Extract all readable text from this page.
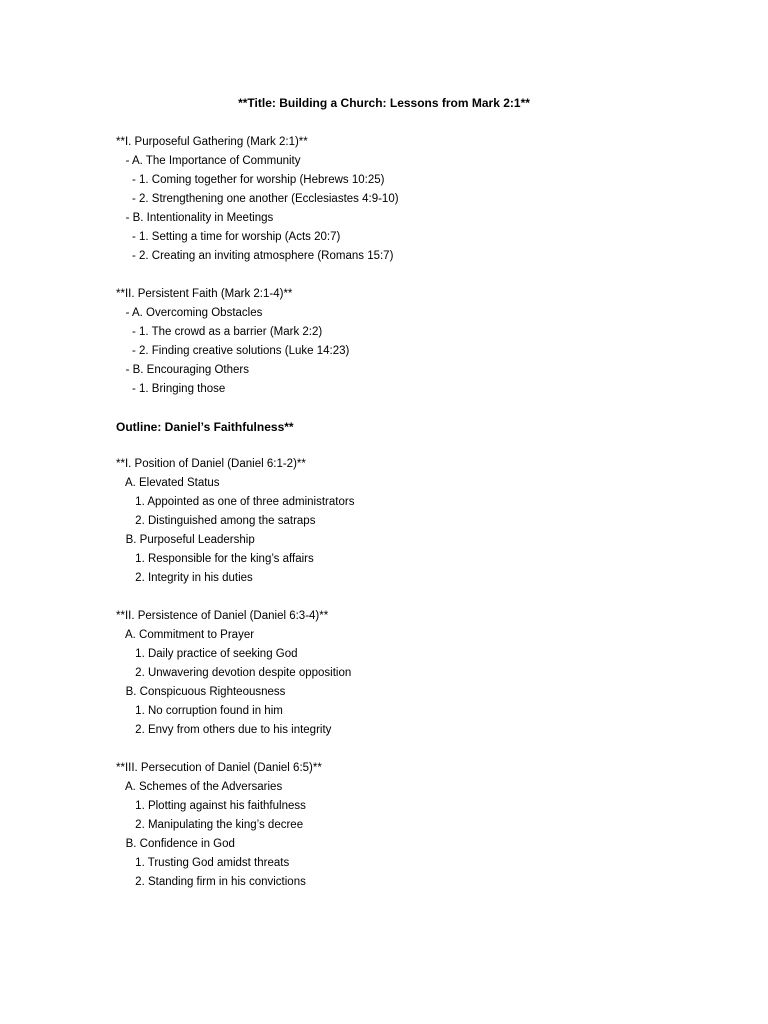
**Title: Building a Church: Lessons from Mark 2:1**
**I. Purposeful Gathering (Mark 2:1)**
- A. The Importance of Community
- 1. Coming together for worship (Hebrews 10:25)
- 2. Strengthening one another (Ecclesiastes 4:9-10)
- B. Intentionality in Meetings
- 1. Setting a time for worship (Acts 20:7)
- 2. Creating an inviting atmosphere (Romans 15:7)
**II. Persistent Faith (Mark 2:1-4)**
- A. Overcoming Obstacles
- 1. The crowd as a barrier (Mark 2:2)
- 2. Finding creative solutions (Luke 14:23)
- B. Encouraging Others
- 1. Bringing those
Outline: Daniel’s Faithfulness**
**I. Position of Daniel (Daniel 6:1-2)**
A. Elevated Status
1. Appointed as one of three administrators
2. Distinguished among the satraps
B. Purposeful Leadership
1. Responsible for the king’s affairs
2. Integrity in his duties
**II. Persistence of Daniel (Daniel 6:3-4)**
A. Commitment to Prayer
1. Daily practice of seeking God
2. Unwavering devotion despite opposition
B. Conspicuous Righteousness
1. No corruption found in him
2. Envy from others due to his integrity
**III. Persecution of Daniel (Daniel 6:5)**
A. Schemes of the Adversaries
1. Plotting against his faithfulness
2. Manipulating the king’s decree
B. Confidence in God
1. Trusting God amidst threats
2. Standing firm in his convictions
